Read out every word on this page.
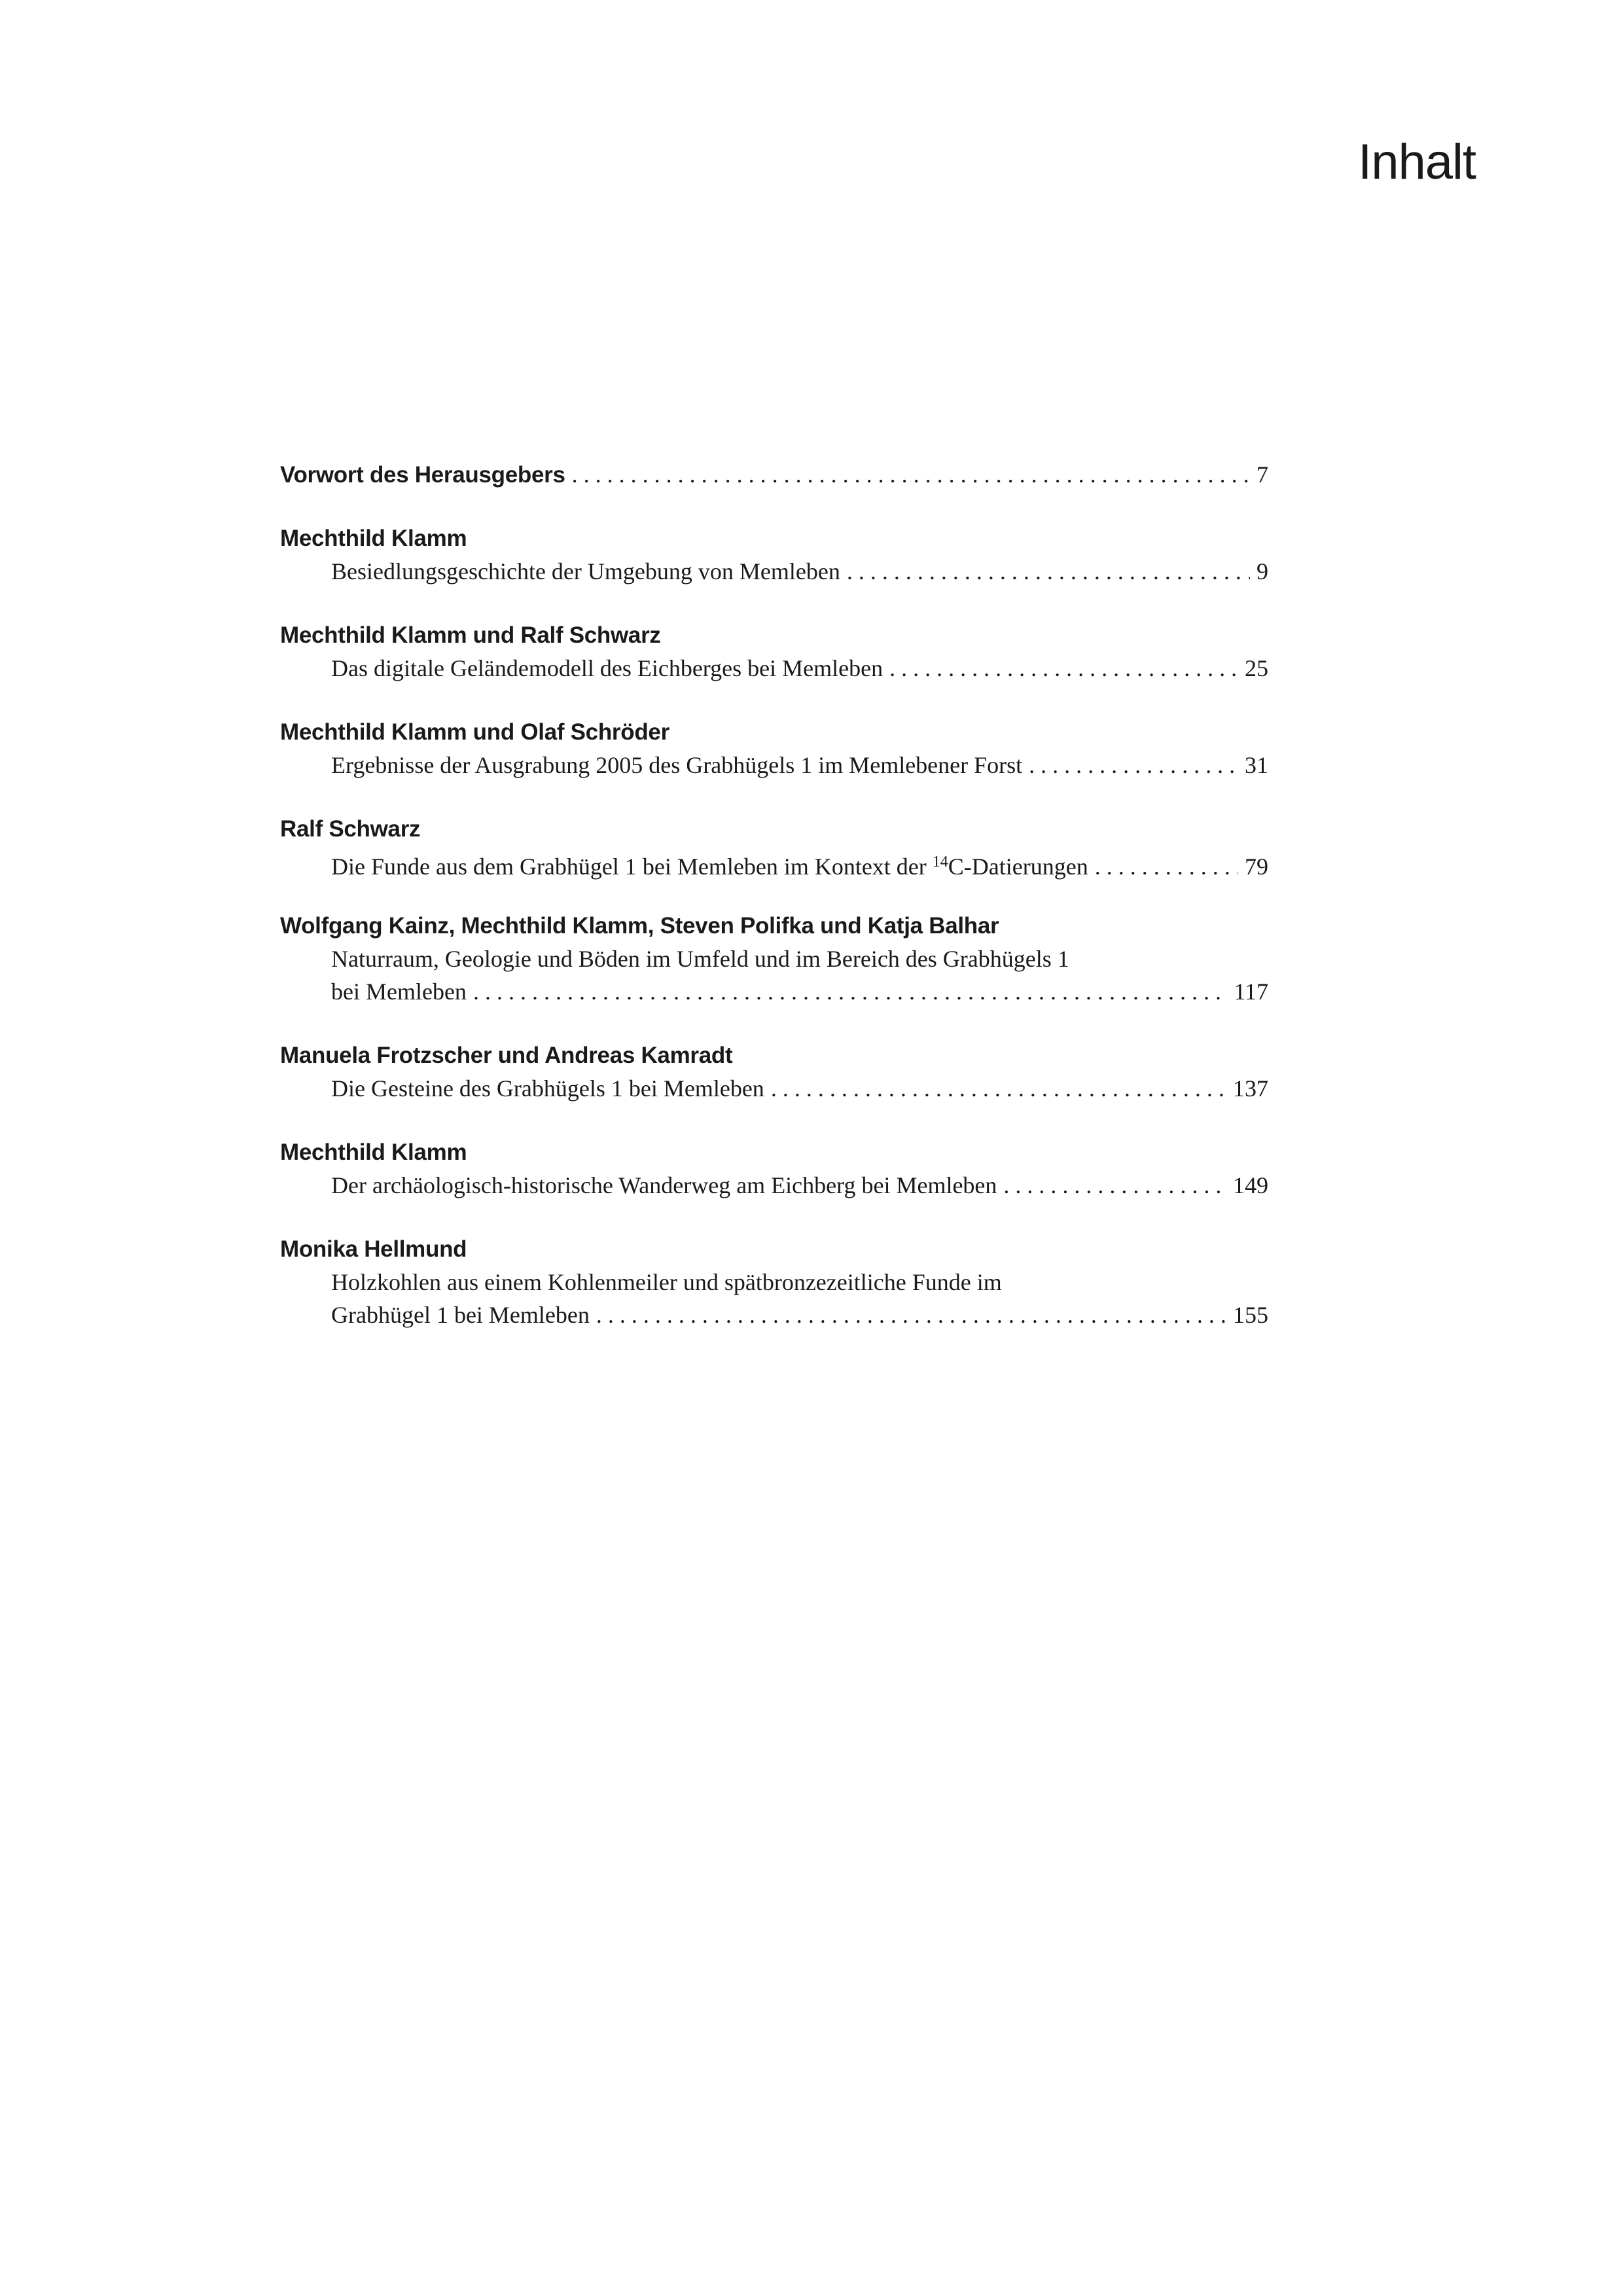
Inhalt
Vorwort des Herausgebers . . .	7
Mechthild Klamm
Besiedlungsgeschichte der Umgebung von Memleben . . .	9
Mechthild Klamm und Ralf Schwarz
Das digitale Geländemodell des Eichberges bei Memleben . . .	25
Mechthild Klamm und Olaf Schröder
Ergebnisse der Ausgrabung 2005 des Grabhügels 1 im Memlebener Forst . . .	31
Ralf Schwarz
Die Funde aus dem Grabhügel 1 bei Memleben im Kontext der $^{14}$C-Datierungen . . .	79
Wolfgang Kainz, Mechthild Klamm, Steven Polifka und Katja Balhar
Naturraum, Geologie und Böden im Umfeld und im Bereich des Grabhügels 1
bei Memleben . . .	117
Manuela Frotzscher und Andreas Kamradt
Die Gesteine des Grabhügels 1 bei Memleben . . .	137
Mechthild Klamm
Der archäologisch-historische Wanderweg am Eichberg bei Memleben . . .	149
Monika Hellmund
Holzkohlen aus einem Kohlenmeiler und spätbronzezeitliche Funde im
Grabhügel 1 bei Memleben . . .	155
